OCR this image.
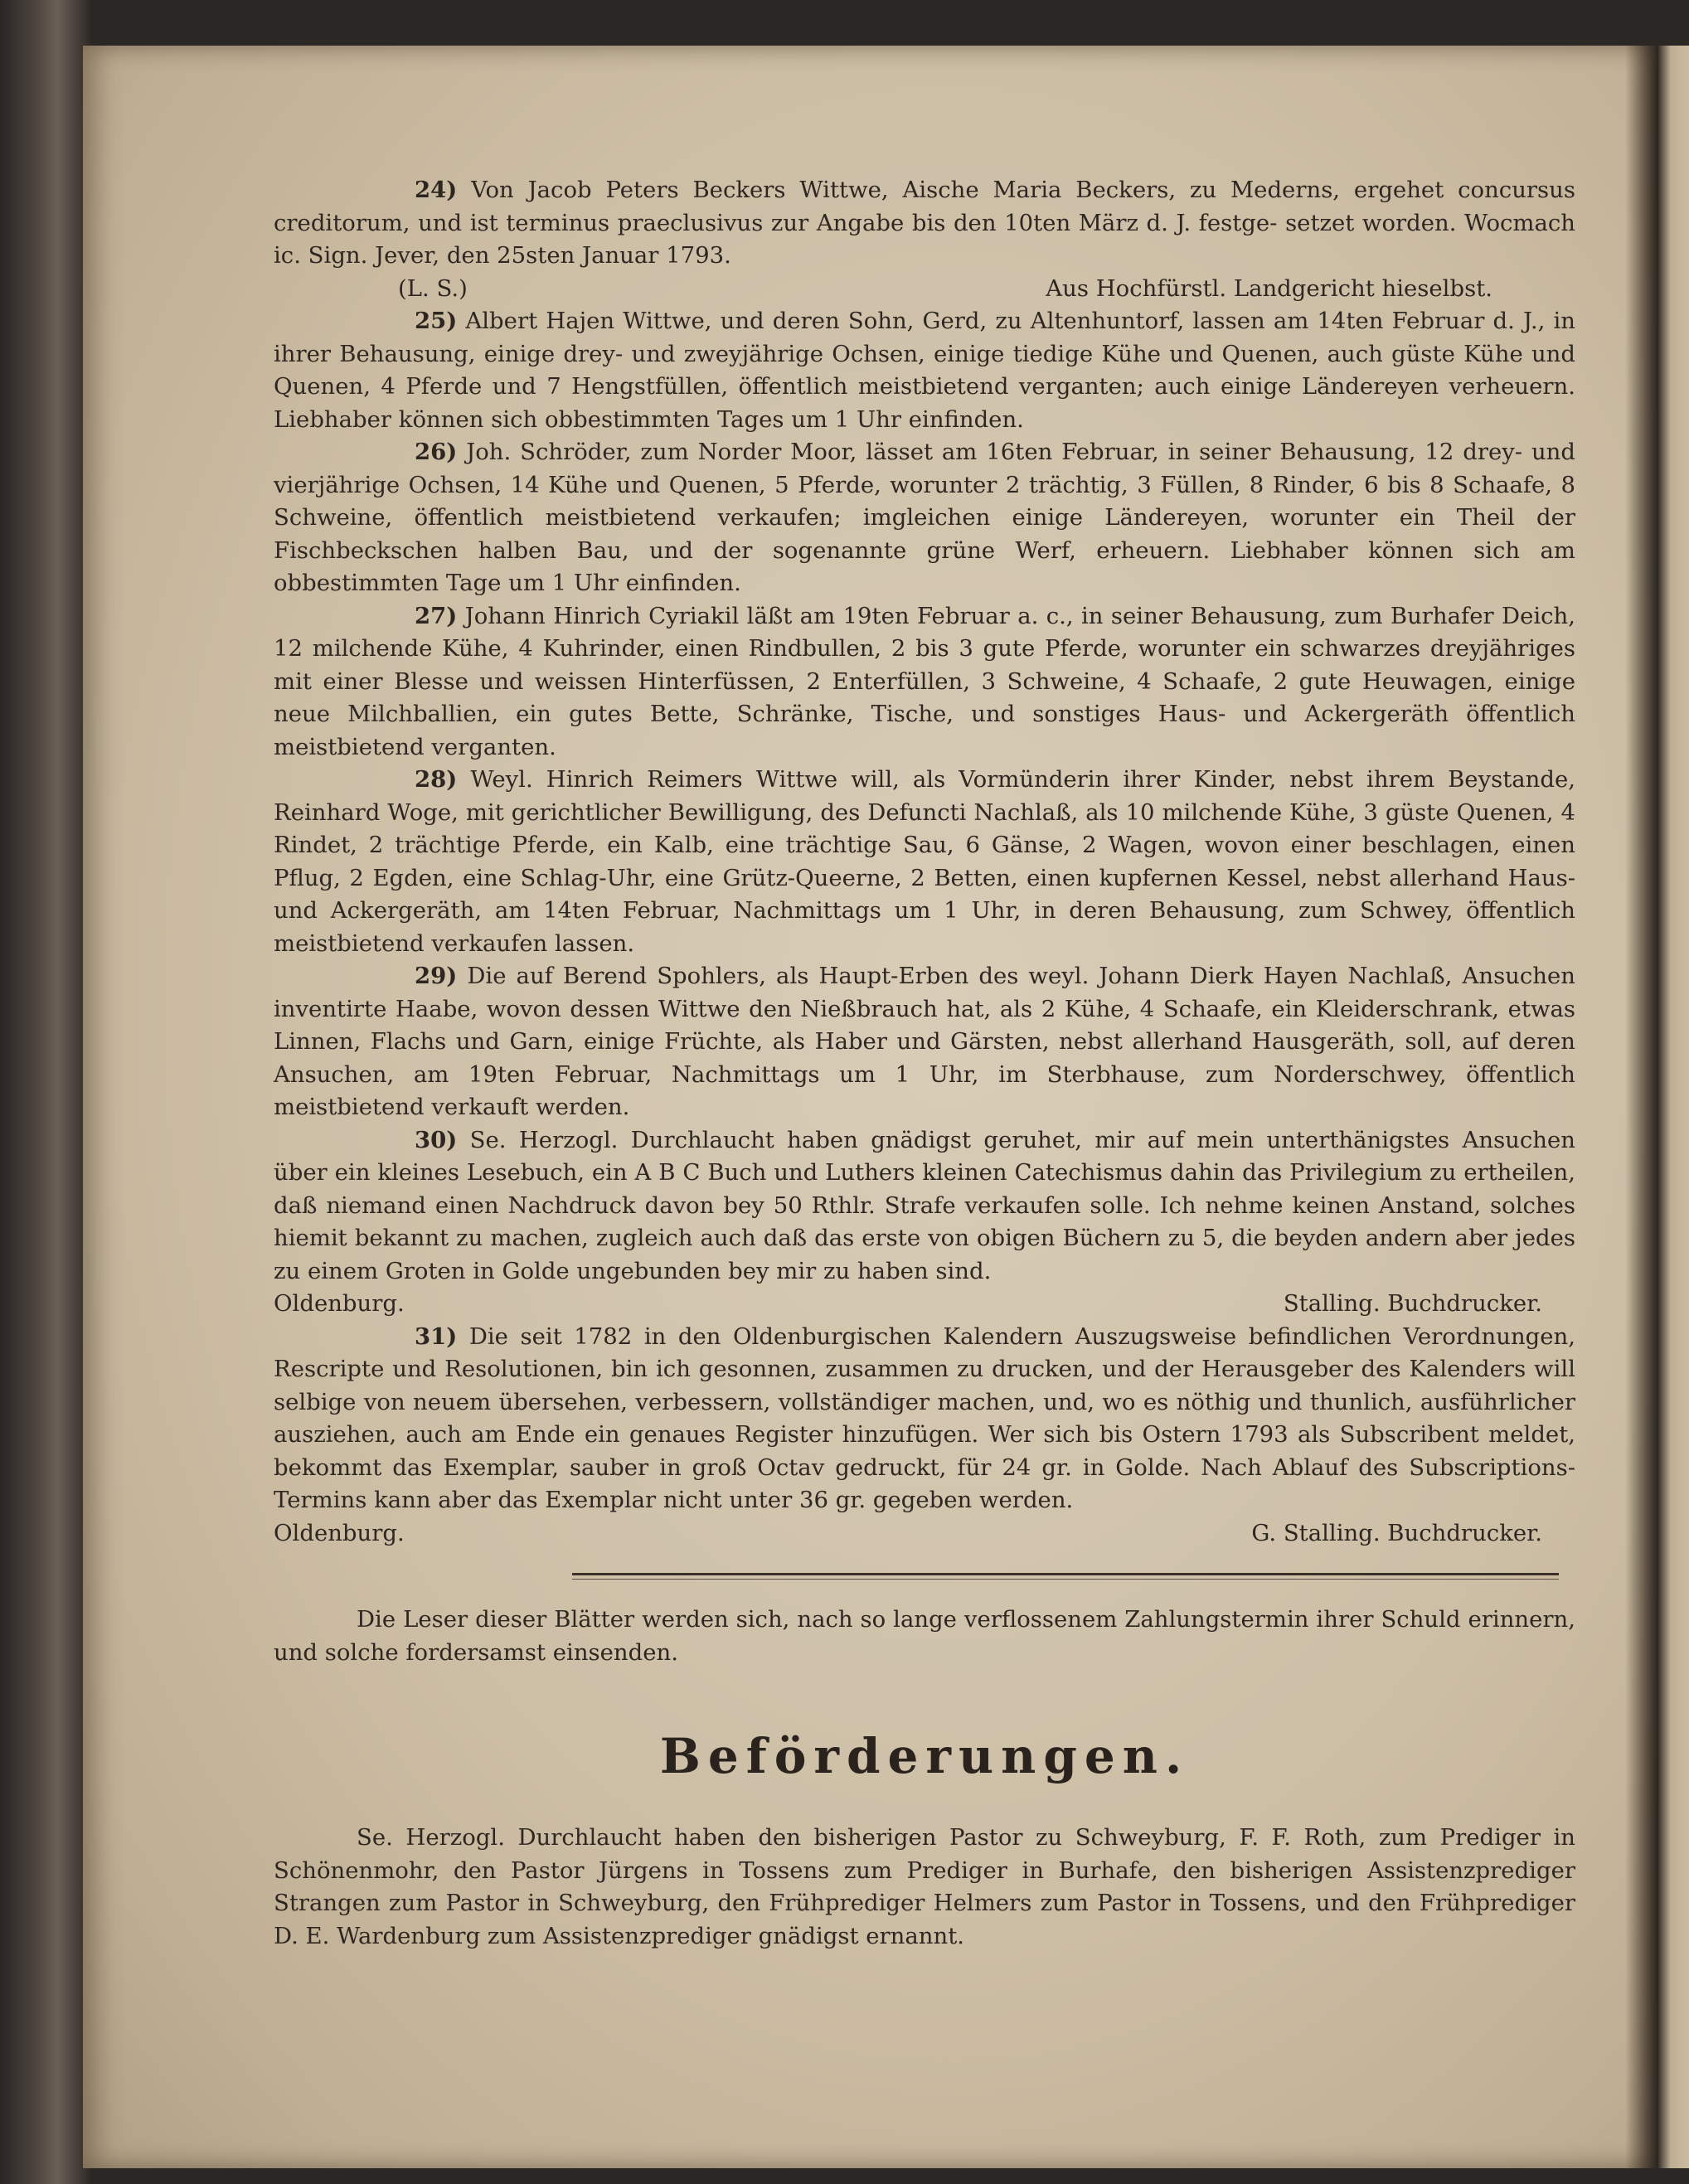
24) Von Jacob Peters Beckers Wittwe, Aische Maria Beckers, zu Mederns, ergehet concursus creditorum, und ist terminus praeclusivus zur Angabe bis den 10ten März d. J. festge- setzet worden. Wocmach ic. Sign. Jever, den 25sten Januar 1793.

(L. S.)	Aus Hochfürstl. Landgericht hieselbst.

25) Albert Hajen Wittwe, und deren Sohn, Gerd, zu Altenhuntorf, lassen am 14ten Februar d. J., in ihrer Behausung, einige drey- und zweyjährige Ochsen, einige tiedige Kühe und Quenen, auch güste Kühe und Quenen, 4 Pferde und 7 Hengstfüllen, öffentlich meistbietend verganten; auch einige Ländereyen verheuern. Liebhaber können sich obbestimmten Tages um 1 Uhr einfinden.

26) Joh. Schröder, zum Norder Moor, lässet am 16ten Februar, in seiner Behausung, 12 drey- und vierjährige Ochsen, 14 Kühe und Quenen, 5 Pferde, worunter 2 trächtig, 3 Füllen, 8 Rinder, 6 bis 8 Schaafe, 8 Schweine, öffentlich meistbietend verkaufen; imgleichen einige Ländereyen, worunter ein Theil der Fischbeckschen halben Bau, und der sogenannte grüne Werf, erheuern. Liebhaber können sich am obbestimmten Tage um 1 Uhr einfinden.

27) Johann Hinrich Cyriakil läßt am 19ten Februar a. c., in seiner Behausung, zum Burhafer Deich, 12 milchende Kühe, 4 Kuhrinder, einen Rindbullen, 2 bis 3 gute Pferde, worunter ein schwarzes dreyjähriges mit einer Blesse und weissen Hinterfüssen, 2 Enterfüllen, 3 Schweine, 4 Schaafe, 2 gute Heuwagen, einige neue Milchballien, ein gutes Bette, Schränke, Tische, und sonstiges Haus- und Ackergeräth öffentlich meistbietend verganten.

28) Weyl. Hinrich Reimers Wittwe will, als Vormünderin ihrer Kinder, nebst ihrem Beystande, Reinhard Woge, mit gerichtlicher Bewilligung, des Defuncti Nachlaß, als 10 milchende Kühe, 3 güste Quenen, 4 Rindet, 2 trächtige Pferde, ein Kalb, eine trächtige Sau, 6 Gänse, 2 Wagen, wovon einer beschlagen, einen Pflug, 2 Egden, eine Schlag-Uhr, eine Grütz-Queerne, 2 Betten, einen kupfernen Kessel, nebst allerhand Haus- und Ackergeräth, am 14ten Februar, Nachmittags um 1 Uhr, in deren Behausung, zum Schwey, öffentlich meistbietend verkaufen lassen.

29) Die auf Berend Spohlers, als Haupt-Erben des weyl. Johann Dierk Hayen Nachlaß, Ansuchen inventirte Haabe, wovon dessen Wittwe den Nießbrauch hat, als 2 Kühe, 4 Schaafe, ein Kleiderschrank, etwas Linnen, Flachs und Garn, einige Früchte, als Haber und Gärsten, nebst allerhand Hausgeräth, soll, auf deren Ansuchen, am 19ten Februar, Nachmittags um 1 Uhr, im Sterbhause, zum Norderschwey, öffentlich meistbietend verkauft werden.

30) Se. Herzogl. Durchlaucht haben gnädigst geruhet, mir auf mein unterthänigstes Ansuchen über ein kleines Lesebuch, ein A B C Buch und Luthers kleinen Catechismus dahin das Privilegium zu ertheilen, daß niemand einen Nachdruck davon bey 50 Rthlr. Strafe verkaufen solle. Ich nehme keinen Anstand, solches hiemit bekannt zu machen, zugleich auch daß das erste von obigen Büchern zu 5, die beyden andern aber jedes zu einem Groten in Golde ungebunden bey mir zu haben sind.

Oldenburg.	Stalling. Buchdrucker.

31) Die seit 1782 in den Oldenburgischen Kalendern Auszugsweise befindlichen Verordnungen, Rescripte und Resolutionen, bin ich gesonnen, zusammen zu drucken, und der Herausgeber des Kalenders will selbige von neuem übersehen, verbessern, vollständiger machen, und, wo es nöthig und thunlich, ausführlicher ausziehen, auch am Ende ein genaues Register hinzufügen. Wer sich bis Ostern 1793 als Subscribent meldet, bekommt das Exemplar, sauber in groß Octav gedruckt, für 24 gr. in Golde. Nach Ablauf des Subscriptions-Termins kann aber das Exemplar nicht unter 36 gr. gegeben werden.

Oldenburg.	G. Stalling. Buchdrucker.

Die Leser dieser Blätter werden sich, nach so lange verflossenem Zahlungstermin ihrer Schuld erinnern, und solche fordersamst einsenden.

Beförderungen.

Se. Herzogl. Durchlaucht haben den bisherigen Pastor zu Schweyburg, F. F. Roth, zum Prediger in Schönenmohr, den Pastor Jürgens in Tossens zum Prediger in Burhafe, den bisherigen Assistenzprediger Strangen zum Pastor in Schweyburg, den Frühprediger Helmers zum Pastor in Tossens, und den Frühprediger D. E. Wardenburg zum Assistenzprediger gnädigst ernannt.
